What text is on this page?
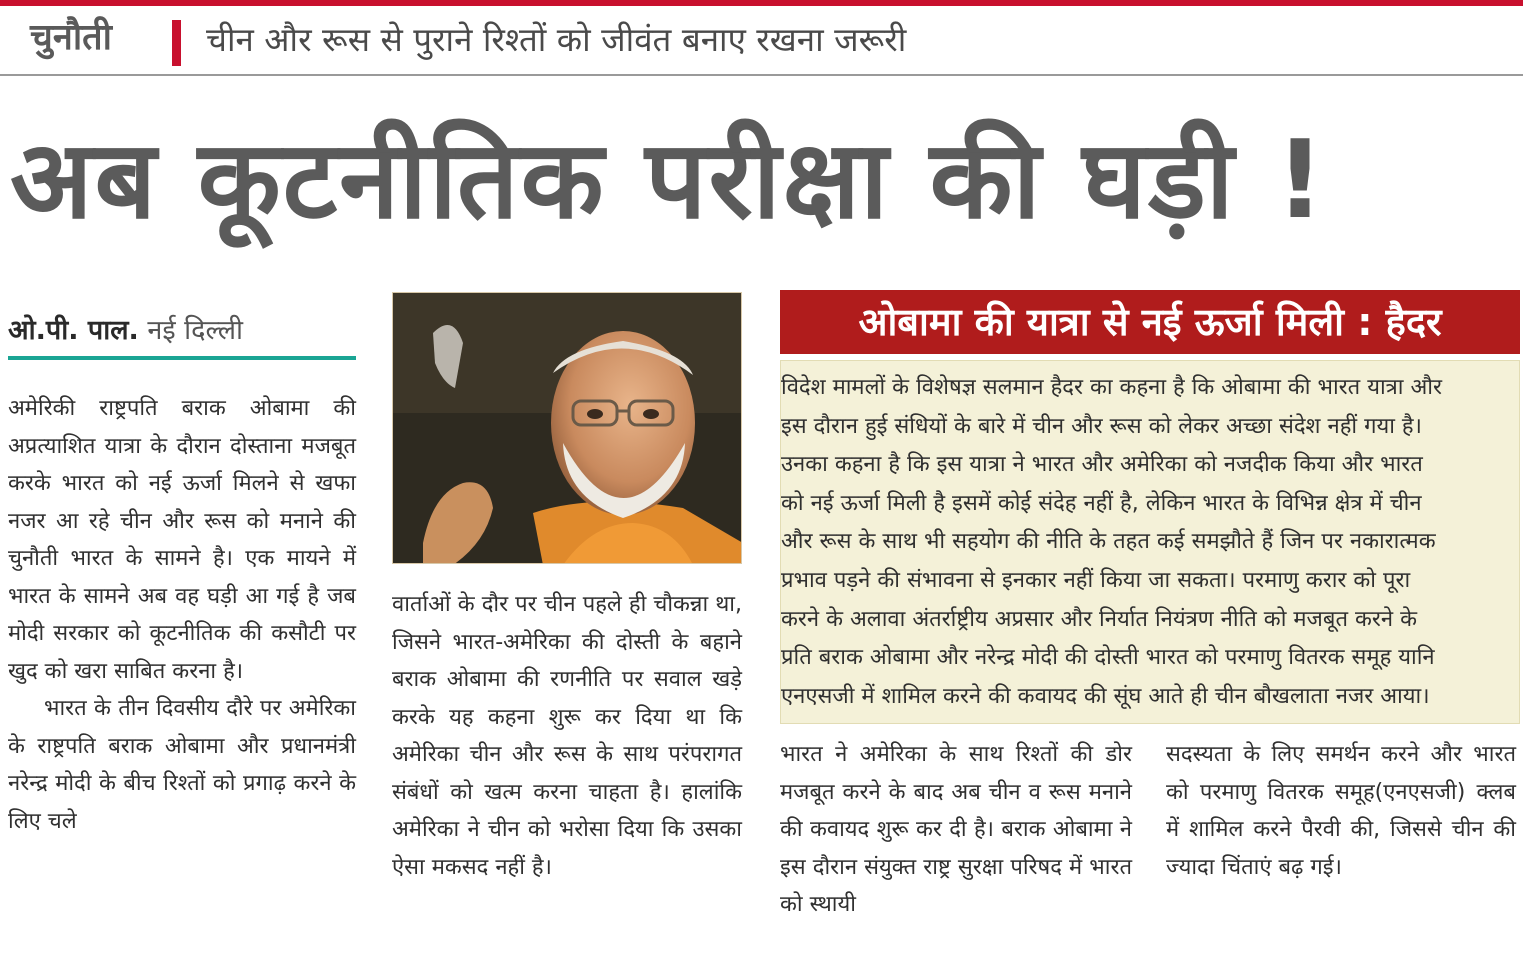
चुनौती	चीन और रूस से पुराने रिश्तों को जीवंत बनाए रखना जरूरी
अब कूटनीतिक परीक्षा की घड़ी !
ओ.पी. पाल. नई दिल्ली

अमेरिकी राष्ट्रपति बराक ओबामा की अप्रत्याशित यात्रा के दौरान दोस्ताना मजबूत करके भारत को नई ऊर्जा मिलने से खफा नजर आ रहे चीन और रूस को मनाने की चुनौती भारत के सामने है। एक मायने में भारत के सामने अब वह घड़ी आ गई है जब मोदी सरकार को कूटनीतिक की कसौटी पर खुद को खरा साबित करना है।

भारत के तीन दिवसीय दौरे पर अमेरिका के राष्ट्रपति बराक ओबामा और प्रधानमंत्री नरेन्द्र मोदी के बीच रिश्तों को प्रगाढ़ करने के लिए चले

वार्ताओं के दौर पर चीन पहले ही चौकन्ना था, जिसने भारत-अमेरिका की दोस्ती के बहाने बराक ओबामा की रणनीति पर सवाल खड़े करके यह कहना शुरू कर दिया था कि अमेरिका चीन और रूस के साथ परंपरागत संबंधों को खत्म करना चाहता है। हालांकि अमेरिका ने चीन को भरोसा दिया कि उसका ऐसा मकसद नहीं है।

ओबामा की यात्रा से नई ऊर्जा मिली : हैदर
विदेश मामलों के विशेषज्ञ सलमान हैदर का कहना है कि ओबामा की भारत यात्रा और
इस दौरान हुई संधियों के बारे में चीन और रूस को लेकर अच्छा संदेश नहीं गया है।
उनका कहना है कि इस यात्रा ने भारत और अमेरिका को नजदीक किया और भारत
को नई ऊर्जा मिली है इसमें कोई संदेह नहीं है, लेकिन भारत के विभिन्न क्षेत्र में चीन
और रूस के साथ भी सहयोग की नीति के तहत कई समझौते हैं जिन पर नकारात्मक
प्रभाव पड़ने की संभावना से इनकार नहीं किया जा सकता। परमाणु करार को पूरा
करने के अलावा अंतर्राष्ट्रीय अप्रसार और निर्यात नियंत्रण नीति को मजबूत करने के
प्रति बराक ओबामा और नरेन्द्र मोदी की दोस्ती भारत को परमाणु वितरक समूह यानि
एनएसजी में शामिल करने की कवायद की सूंघ आते ही चीन बौखलाता नजर आया।

भारत ने अमेरिका के साथ रिश्तों की डोर मजबूत करने के बाद अब चीन व रूस मनाने की कवायद शुरू कर दी है। बराक ओबामा ने इस दौरान संयुक्त राष्ट्र सुरक्षा परिषद में भारत को स्थायी

सदस्यता के लिए समर्थन करने और भारत को परमाणु वितरक समूह(एनएसजी) क्लब में शामिल करने पैरवी की, जिससे चीन की ज्यादा चिंताएं बढ़ गई।
